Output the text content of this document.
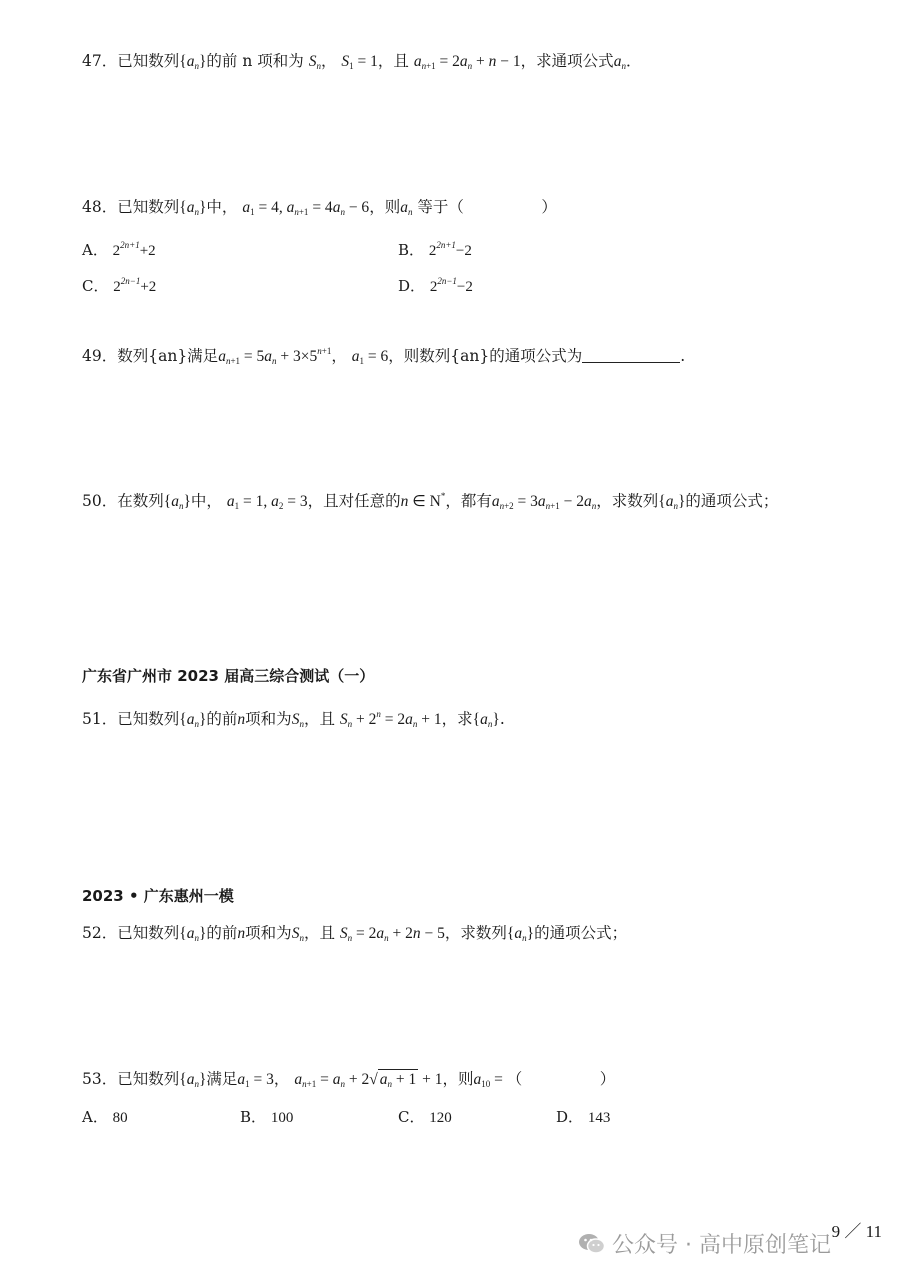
47．已知数列$\{a_n\}$的前 n 项和为 $S_n$， $S_1 = 1$，且 $a_{n+1} = 2a_n + n - 1$，求通项公式$a_n$．
48．已知数列$\{a_n\}$中， $a_1 = 4$, $a_{n+1} = 4a_n - 6$，则$a_n$ 等于（　　　　　）
A． $2^{2n+1}+2$	B． $2^{2n+1}-2$
C． $2^{2n-1}+2$	D． $2^{2n-1}-2$
49．数列{an}满足$a_{n+1} = 5a_n + 3\times 5^{n+1}$， $a_1 = 6$，则数列{an}的通项公式为	.
50．在数列$\{a_n\}$中， $a_1 = 1$, $a_2 = 3$，且对任意的n ∈ N*，都有$a_{n+2} = 3a_{n+1} - 2a_n$，求数列$\{a_n\}$的通项公式；
广东省广州市 2023 届高三综合测试（一）
51．已知数列$\{a_n\}$的前n项和为$S_n$，且 $S_n + 2^n = 2a_n + 1$，求$\{a_n\}$.
2023 • 广东惠州一模
52．已知数列$\{a_n\}$的前n项和为$S_n$，且 $S_n = 2a_n + 2n - 5$，求数列$\{a_n\}$的通项公式；
53．已知数列$\{a_n\}$满足$a_1 = 3$， $a_{n+1} = a_n + 2√$ $a_n + 1 + 1$，则$a_{10}$ = （　　　　　）
A． 80	B． 100	C． 120	D． 143
9 ／ 11
公众号 · 高中原创笔记
